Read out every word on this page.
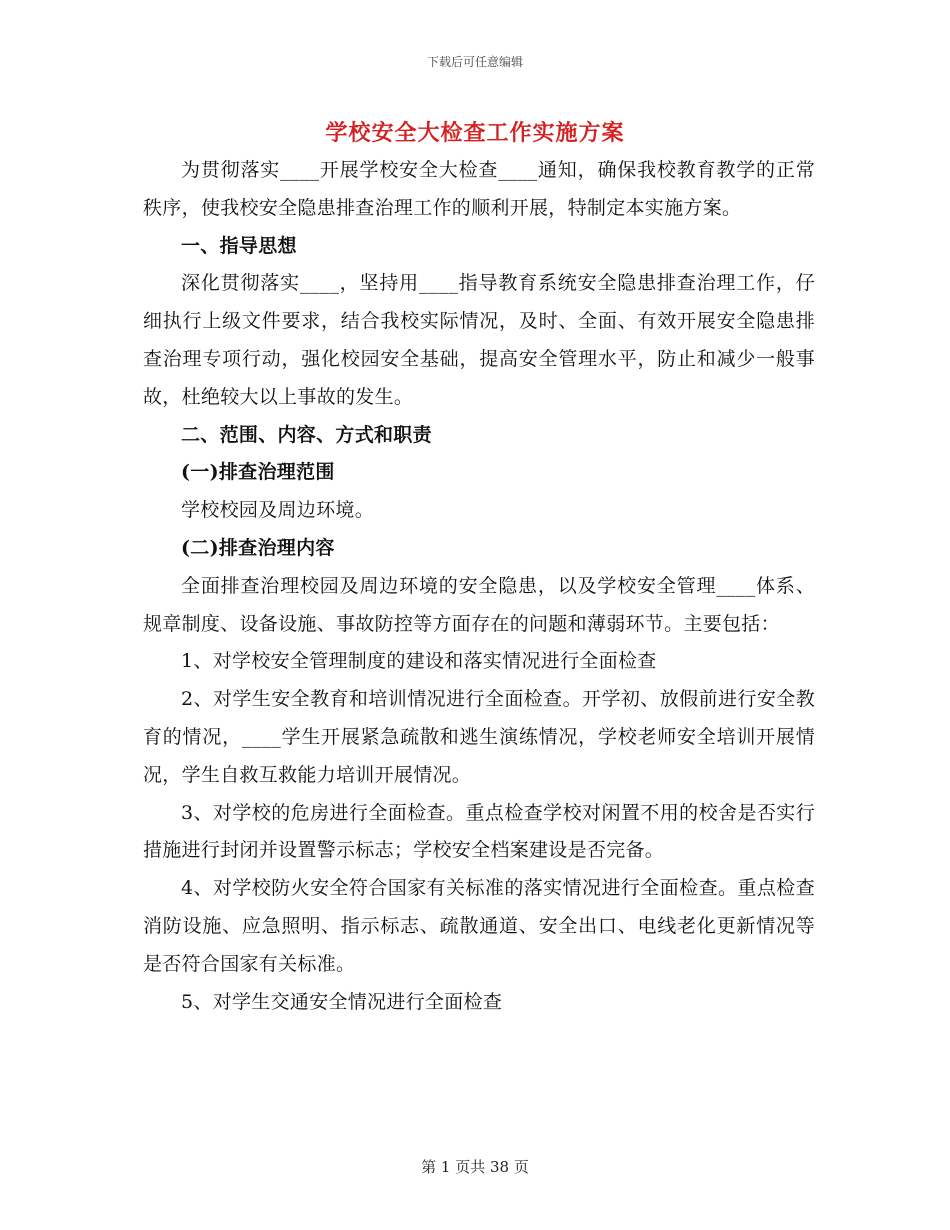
下载后可任意编辑
学校安全大检查工作实施方案

为贯彻落实____开展学校安全大检查____通知，确保我校教育教学的正常秩序，使我校安全隐患排查治理工作的顺利开展，特制定本实施方案。

一、指导思想

深化贯彻落实____，坚持用____指导教育系统安全隐患排查治理工作，仔细执行上级文件要求，结合我校实际情况，及时、全面、有效开展安全隐患排查治理专项行动，强化校园安全基础，提高安全管理水平，防止和减少一般事故，杜绝较大以上事故的发生。

二、范围、内容、方式和职责

(一)排查治理范围

学校校园及周边环境。

(二)排查治理内容

全面排查治理校园及周边环境的安全隐患，以及学校安全管理____体系、规章制度、设备设施、事故防控等方面存在的问题和薄弱环节。主要包括：

1、对学校安全管理制度的建设和落实情况进行全面检查

2、对学生安全教育和培训情况进行全面检查。开学初、放假前进行安全教育的情况，____学生开展紧急疏散和逃生演练情况，学校老师安全培训开展情况，学生自救互救能力培训开展情况。

3、对学校的危房进行全面检查。重点检查学校对闲置不用的校舍是否实行措施进行封闭并设置警示标志；学校安全档案建设是否完备。

4、对学校防火安全符合国家有关标准的落实情况进行全面检查。重点检查消防设施、应急照明、指示标志、疏散通道、安全出口、电线老化更新情况等是否符合国家有关标准。

5、对学生交通安全情况进行全面检查

第 1 页共 38 页
